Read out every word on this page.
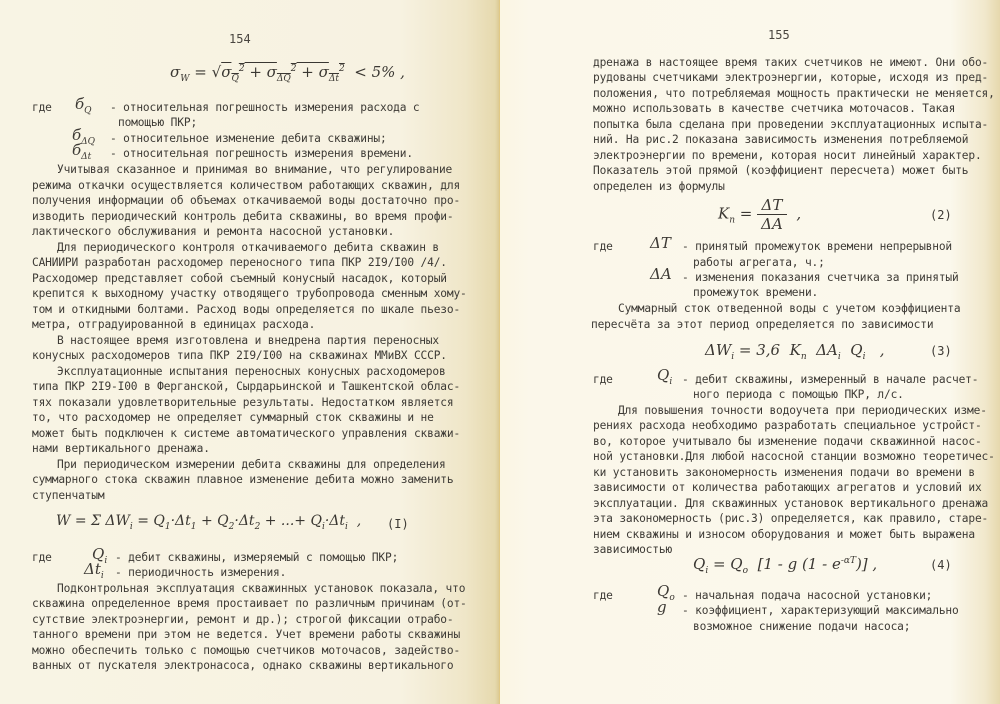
154
$\sigma_W = √\sigma_Q^2 + \sigma_{\Delta Q}^2 + \sigma_{\Delta t}^2 < 5\%$ ,
где $б_Q$ - относительная погрешность измерения расхода с
помощью ПКР;
$б_{\Delta Q}$ - относительное изменение дебита скважины;
$б_{\Delta t}$ - относительная погрешность измерения времени.
Учитывая сказанное и принимая во внимание, что регулирование
режима откачки осуществляется количеством работающих скважин, для
получения информации об объемах откачиваемой воды достаточно про-
изводить периодический контроль дебита скважины, во время профи-
лактического обслуживания и ремонта насосной установки.
Для периодического контроля откачиваемого дебита скважин в
САНИИРИ разработан расходомер переносного типа ПКР 2I9/I00 /4/.
Расходомер представляет собой съемный конусный насадок, который
крепится к выходному участку отводящего трубопровода сменным хому-
том и откидными болтами. Расход воды определяется по шкале пьезо-
метра, отградуированной в единицах расхода.
В настоящее время изготовлена и внедрена партия переносных
конусных расходомеров типа ПКР 2I9/I00 на скважинах ММиВХ СССР.
Эксплуатационные испытания переносных конусных расходомеров
типа ПКР 2I9-I00 в Ферганской, Сырдарьинской и Ташкентской облас-
тях показали удовлетворительные результаты. Недостатком является
то, что расходомер не определяет суммарный сток скважины и не
может быть подключен к системе автоматического управления скважи-
нами вертикального дренажа.
При периодическом измерении дебита скважины для определения
суммарного стока скважин плавное изменение дебита можно заменить
ступенчатым
W = Σ $\Delta W_i = Q_1\cdot\Delta t_1 + Q_2\cdot\Delta t_2$ + ...+ $Q_i\cdot\Delta t_i$  , (I)
где	$Q_i$ - дебит скважины, измеряемый с помощью ПКР;
$\Delta t_i$ - периодичность измерения.
Подконтрольная эксплуатация скважинных установок показала, что
скважина определенное время простаивает по различным причинам (от-
сутствие электроэнергии, ремонт и др.); строгой фиксации отрабо-
танного времени при этом не ведется. Учет времени работы скважины
можно обеспечить только с помощью счетчиков моточасов, задейство-
ванных от пускателя электронасоса, однако скважины вертикального
155
дренажа в настоящее время таких счетчиков не имеют. Они обо-
рудованы счетчиками электроэнергии, которые, исходя из пред-
положения, что потребляемая мощность практически не меняется,
можно использовать в качестве счетчика моточасов. Такая
попытка была сделана при проведении эксплуатационных испыта-
ний. На рис.2 показана зависимость изменения потребляемой
электроэнергии по времени, которая носит линейный характер.
Показатель этой прямой (коэффициент пересчета) может быть
определен из формулы
$K_п = \frac{\Delta T}{\Delta A}$ ,	(2)
где ΔT - принятый промежуток времени непрерывной
работы агрегата, ч.;
ΔA - изменения показания счетчика за принятый
промежуток времени.
Суммарный сток отведенной воды с учетом коэффициента
пересчёта за этот период определяется по зависимости
$\Delta W_i = 3,6$  $K_п$  $\Delta A_i$  $Q_i$   ,	(3)
где	$Q_i$ - дебит скважины, измеренный в начале расчет-
ного периода с помощью ПКР, л/с.
Для повышения точности водоучета при периодических изме-
рениях расхода необходимо разработать специальное устройст-
во, которое учитывало бы изменение подачи скважинной насос-
ной установки.Для любой насосной станции возможно теоретичес-
ки установить закономерность изменения подачи во времени в
зависимости от количества работающих агрегатов и условий их
эксплуатации. Для скважинных установок вертикального дренажа
эта закономерность (рис.3) определяется, как правило, старе-
нием скважины и износом оборудования и может быть выражена
зависимостью
$Q_i = Q_o$  [1 - g $(1 - e^{-\alpha T})$] ,	(4)
где	$Q_o$ - начальная подача насосной установки;
g - коэффициент, характеризующий максимально
возможное снижение подачи насоса;
